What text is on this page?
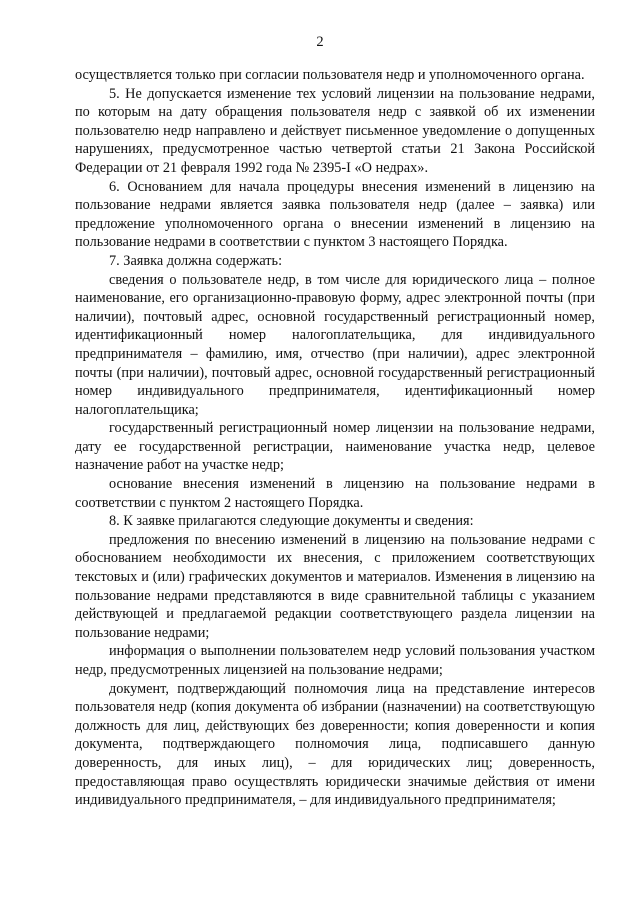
2

осуществляется только при согласии пользователя недр и уполномоченного органа.

5. Не допускается изменение тех условий лицензии на пользование недрами, по которым на дату обращения пользователя недр с заявкой об их изменении пользователю недр направлено и действует письменное уведомление о допущенных нарушениях, предусмотренное частью четвертой статьи 21 Закона Российской Федерации от 21 февраля 1992 года № 2395-I «О недрах».

6. Основанием для начала процедуры внесения изменений в лицензию на пользование недрами является заявка пользователя недр (далее – заявка) или предложение уполномоченного органа о внесении изменений в лицензию на пользование недрами в соответствии с пунктом 3 настоящего Порядка.

7. Заявка должна содержать:

сведения о пользователе недр, в том числе для юридического лица – полное наименование, его организационно-правовую форму, адрес электронной почты (при наличии), почтовый адрес, основной государственный регистрационный номер, идентификационный номер налогоплательщика, для индивидуального предпринимателя – фамилию, имя, отчество (при наличии), адрес электронной почты (при наличии), почтовый адрес, основной государственный регистрационный номер индивидуального предпринимателя, идентификационный номер налогоплательщика;

государственный регистрационный номер лицензии на пользование недрами, дату ее государственной регистрации, наименование участка недр, целевое назначение работ на участке недр;

основание внесения изменений в лицензию на пользование недрами в соответствии с пунктом 2 настоящего Порядка.

8. К заявке прилагаются следующие документы и сведения:

предложения по внесению изменений в лицензию на пользование недрами с обоснованием необходимости их внесения, с приложением соответствующих текстовых и (или) графических документов и материалов. Изменения в лицензию на пользование недрами представляются в виде сравнительной таблицы с указанием действующей и предлагаемой редакции соответствующего раздела лицензии на пользование недрами;

информация о выполнении пользователем недр условий пользования участком недр, предусмотренных лицензией на пользование недрами;

документ, подтверждающий полномочия лица на представление интересов пользователя недр (копия документа об избрании (назначении) на соответствующую должность для лиц, действующих без доверенности; копия доверенности и копия документа, подтверждающего полномочия лица, подписавшего данную доверенность, для иных лиц), – для юридических лиц; доверенность, предоставляющая право осуществлять юридически значимые действия от имени индивидуального предпринимателя, – для индивидуального предпринимателя;
